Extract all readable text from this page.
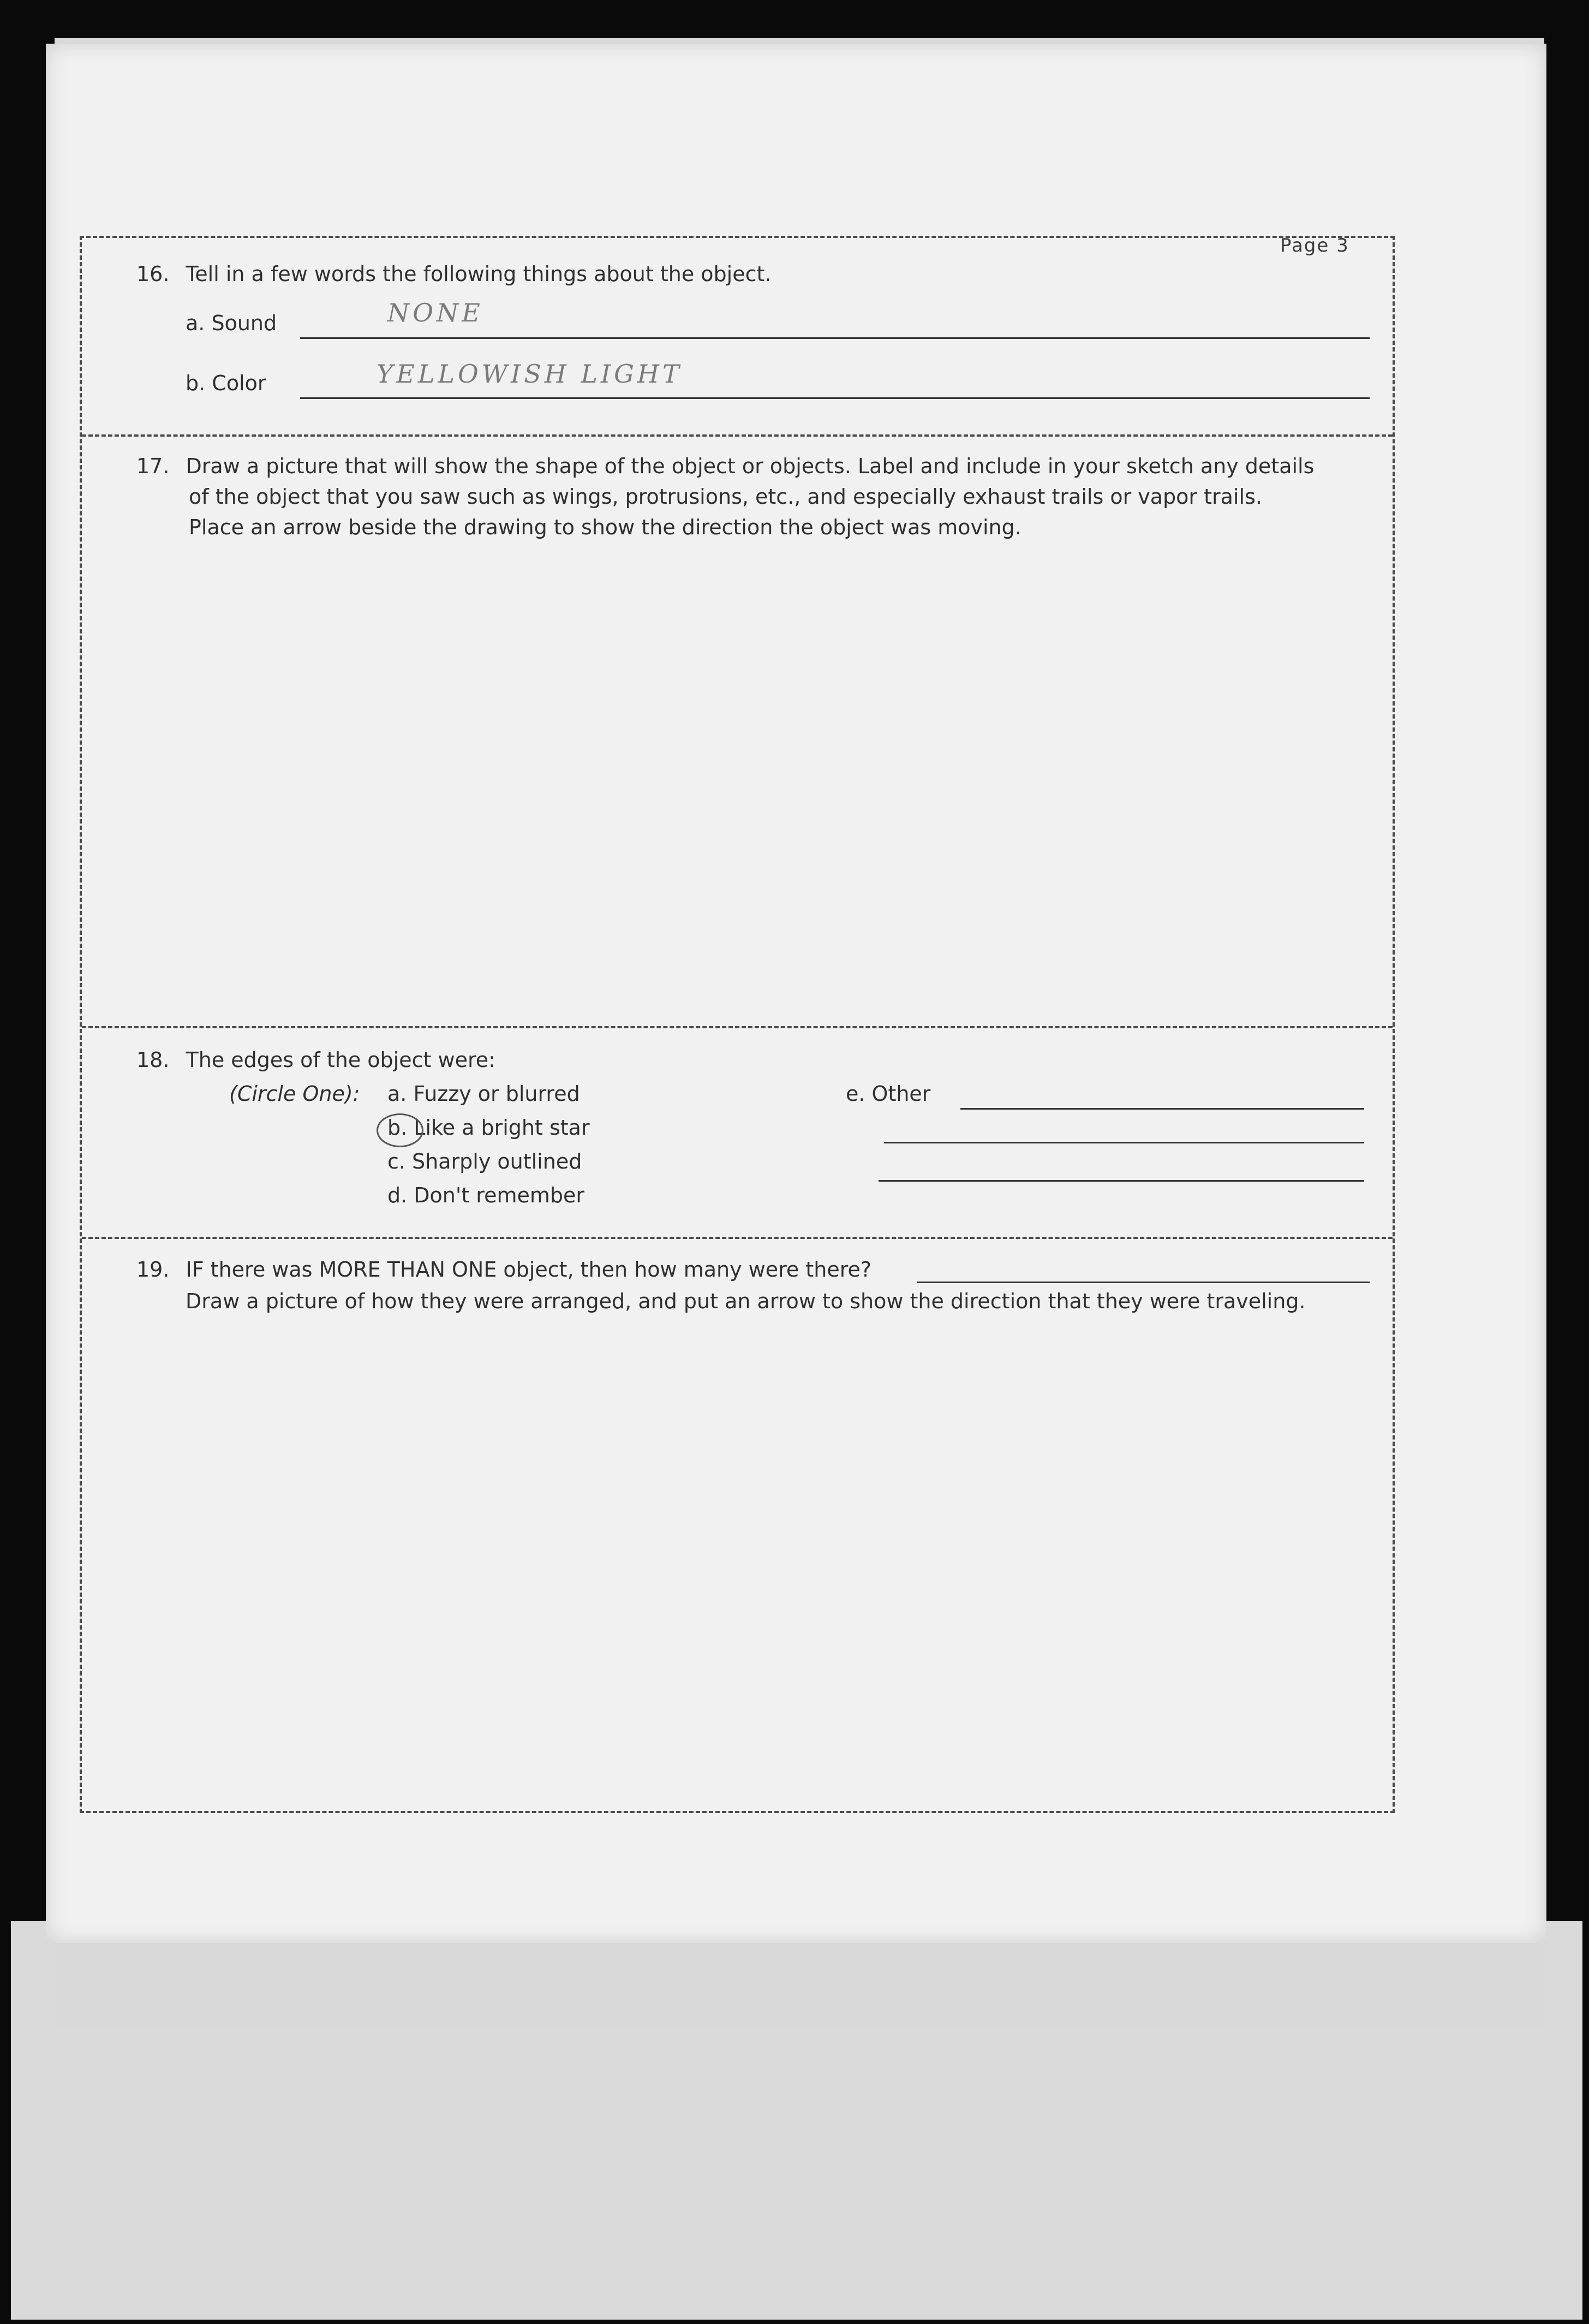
Page 3
16. Tell in a few words the following things about the object.
a. Sound	NONE
b. Color	YELLOWISH LIGHT
17. Draw a picture that will show the shape of the object or objects. Label and include in your sketch any details
of the object that you saw such as wings, protrusions, etc., and especially exhaust trails or vapor trails.
Place an arrow beside the drawing to show the direction the object was moving.
18. The edges of the object were:
(Circle One): a. Fuzzy or blurred
b. Like a bright star
c. Sharply outlined
d. Don't remember
e. Other
19. IF there was MORE THAN ONE object, then how many were there?
Draw a picture of how they were arranged, and put an arrow to show the direction that they were traveling.
